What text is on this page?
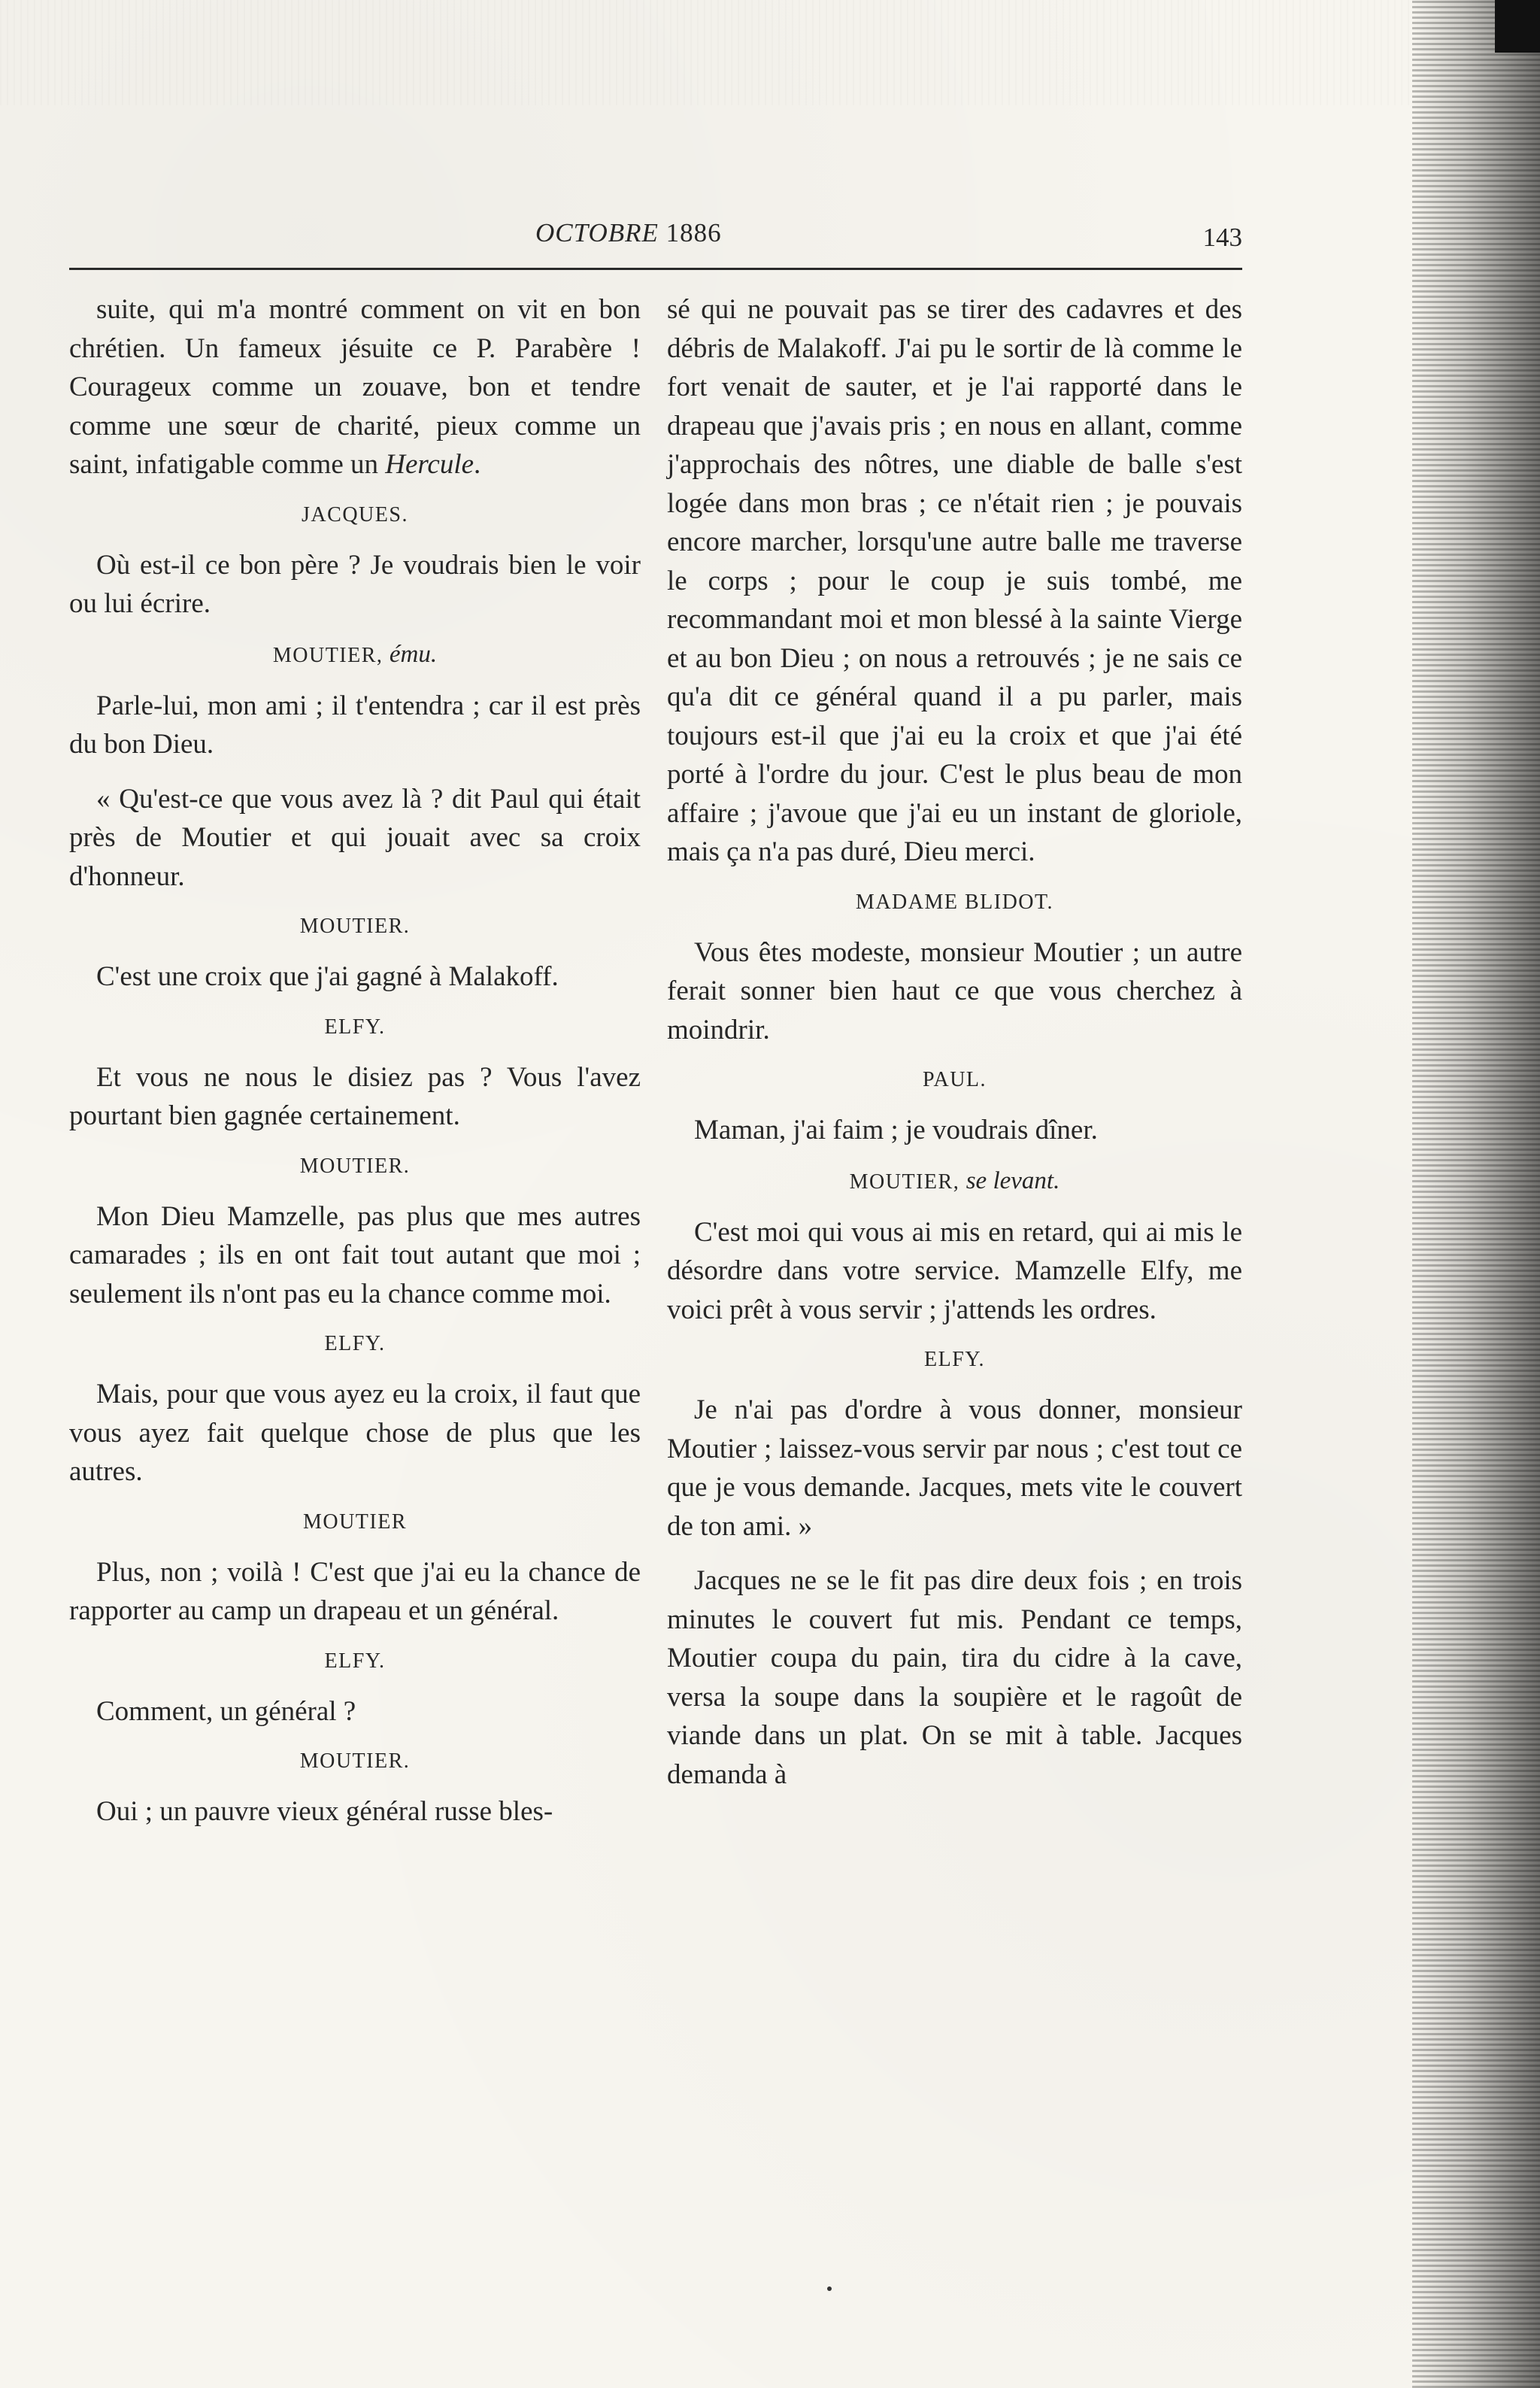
OCTOBRE 1886	143

suite, qui m'a montré comment on vit en bon chrétien. Un fameux jésuite ce P. Parabère ! Courageux comme un zouave, bon et tendre comme une sœur de charité, pieux comme un saint, infatigable comme un Hercule.

JACQUES.

Où est-il ce bon père ? Je voudrais bien le voir ou lui écrire.

MOUTIER, ému.

Parle-lui, mon ami ; il t'entendra ; car il est près du bon Dieu.

« Qu'est-ce que vous avez là ? dit Paul qui était près de Moutier et qui jouait avec sa croix d'honneur.

MOUTIER.

C'est une croix que j'ai gagné à Malakoff.

ELFY.

Et vous ne nous le disiez pas ? Vous l'avez pourtant bien gagnée certainement.

MOUTIER.

Mon Dieu Mamzelle, pas plus que mes autres camarades ; ils en ont fait tout autant que moi ; seulement ils n'ont pas eu la chance comme moi.

ELFY.

Mais, pour que vous ayez eu la croix, il faut que vous ayez fait quelque chose de plus que les autres.

MOUTIER

Plus, non ; voilà ! C'est que j'ai eu la chance de rapporter au camp un drapeau et un général.

ELFY.

Comment, un général ?

MOUTIER.

Oui ; un pauvre vieux général russe bles-

sé qui ne pouvait pas se tirer des cadavres et des débris de Malakoff. J'ai pu le sortir de là comme le fort venait de sauter, et je l'ai rapporté dans le drapeau que j'avais pris ; en nous en allant, comme j'approchais des nôtres, une diable de balle s'est logée dans mon bras ; ce n'était rien ; je pouvais encore marcher, lorsqu'une autre balle me traverse le corps ; pour le coup je suis tombé, me recommandant moi et mon blessé à la sainte Vierge et au bon Dieu ; on nous a retrouvés ; je ne sais ce qu'a dit ce général quand il a pu parler, mais toujours est-il que j'ai eu la croix et que j'ai été porté à l'ordre du jour. C'est le plus beau de mon affaire ; j'avoue que j'ai eu un instant de gloriole, mais ça n'a pas duré, Dieu merci.

MADAME BLIDOT.

Vous êtes modeste, monsieur Moutier ; un autre ferait sonner bien haut ce que vous cherchez à moindrir.

PAUL.

Maman, j'ai faim ; je voudrais dîner.

MOUTIER, se levant.

C'est moi qui vous ai mis en retard, qui ai mis le désordre dans votre service. Mamzelle Elfy, me voici prêt à vous servir ; j'attends les ordres.

ELFY.

Je n'ai pas d'ordre à vous donner, monsieur Moutier ; laissez-vous servir par nous ; c'est tout ce que je vous demande. Jacques, mets vite le couvert de ton ami. »

Jacques ne se le fit pas dire deux fois ; en trois minutes le couvert fut mis. Pendant ce temps, Moutier coupa du pain, tira du cidre à la cave, versa la soupe dans la soupière et le ragoût de viande dans un plat. On se mit à table. Jacques demanda à
